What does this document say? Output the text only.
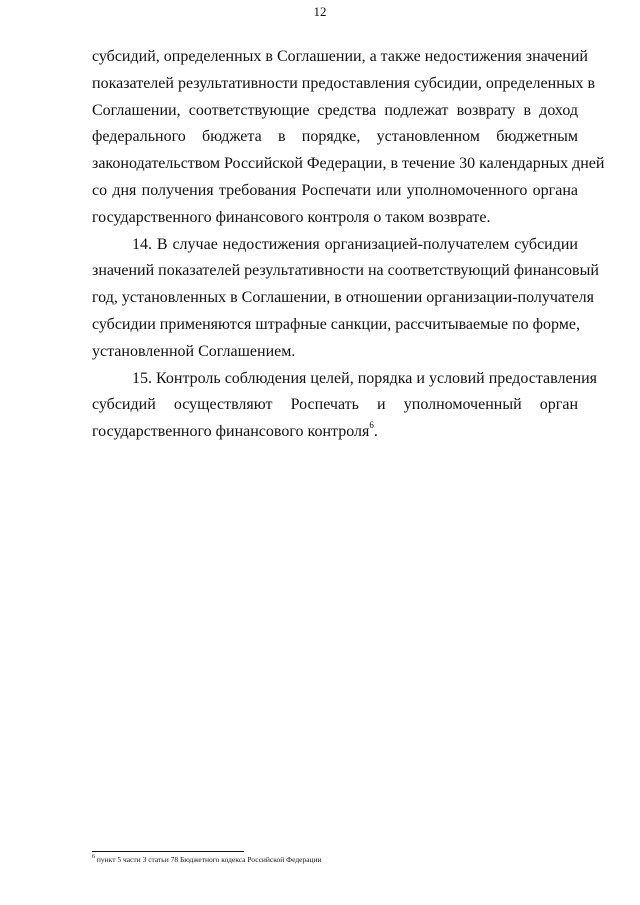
12

субсидий, определенных в Соглашении, а также недостижения значений
показателей результативности предоставления субсидии, определенных в
Соглашении, соответствующие средства подлежат возврату в доход
федерального бюджета в порядке, установленном бюджетным
законодательством Российской Федерации, в течение 30 календарных дней
со дня получения требования Роспечати или уполномоченного органа
государственного финансового контроля о таком возврате.

14. В случае недостижения организацией-получателем субсидии
значений показателей результативности на соответствующий финансовый
год, установленных в Соглашении, в отношении организации-получателя
субсидии применяются штрафные санкции, рассчитываемые по форме,
установленной Соглашением.

15. Контроль соблюдения целей, порядка и условий предоставления
субсидий осуществляют Роспечать и уполномоченный орган
государственного финансового контроля$^6$.

$^6$ пункт 5 части 3 статьи 78 Бюджетного кодекса Российской Федерации
